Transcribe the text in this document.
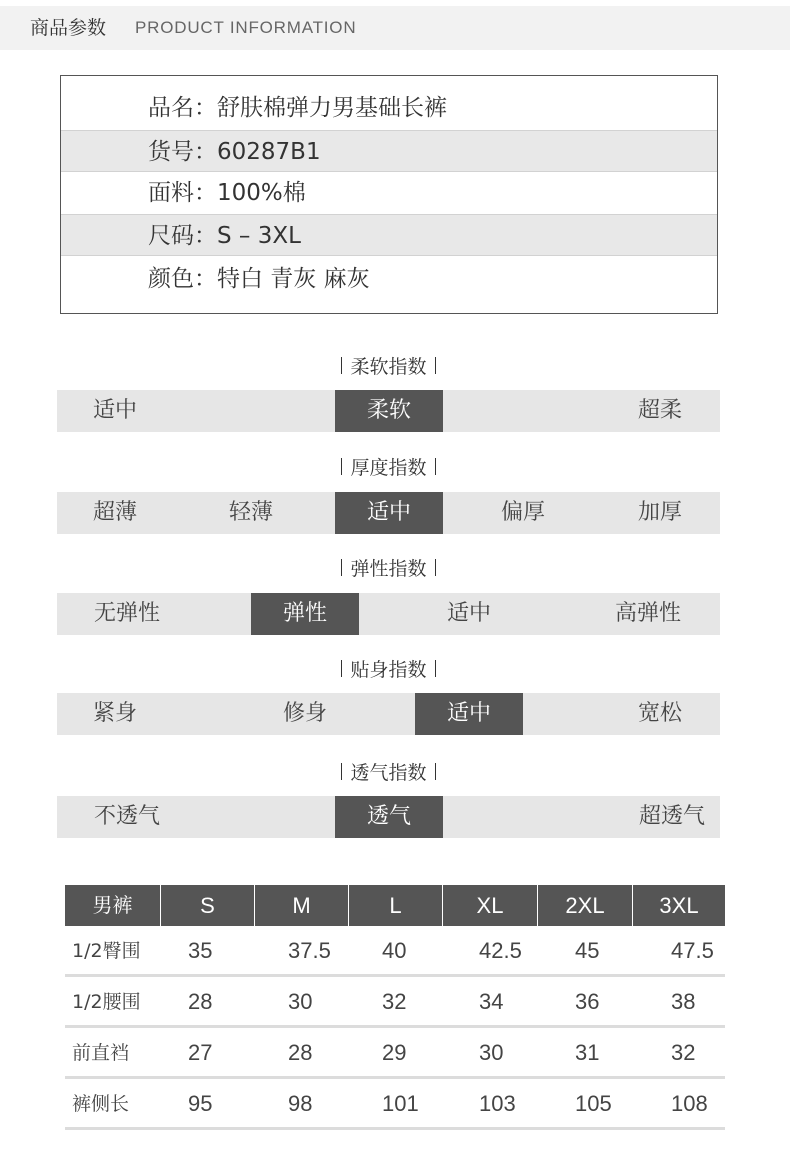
商品参数 PRODUCT INFORMATION
品名：舒肤棉弹力男基础长裤
货号：60287B1
面料：100%棉
尺码：S – 3XL
颜色：特白 青灰 麻灰
柔软指数
适中	柔软	超柔
厚度指数
超薄	轻薄	适中	偏厚	加厚
弹性指数
无弹性	弹性	适中	高弹性
贴身指数
紧身	修身	适中	宽松
透气指数
不透气	透气	超透气
男裤	S	M	L	XL	2XL	3XL
1/2臀围	35	37.5	40	42.5	45	47.5
1/2腰围	28	30	32	34	36	38
前直裆	27	28	29	30	31	32
裤侧长	95	98	101	103	105	108
